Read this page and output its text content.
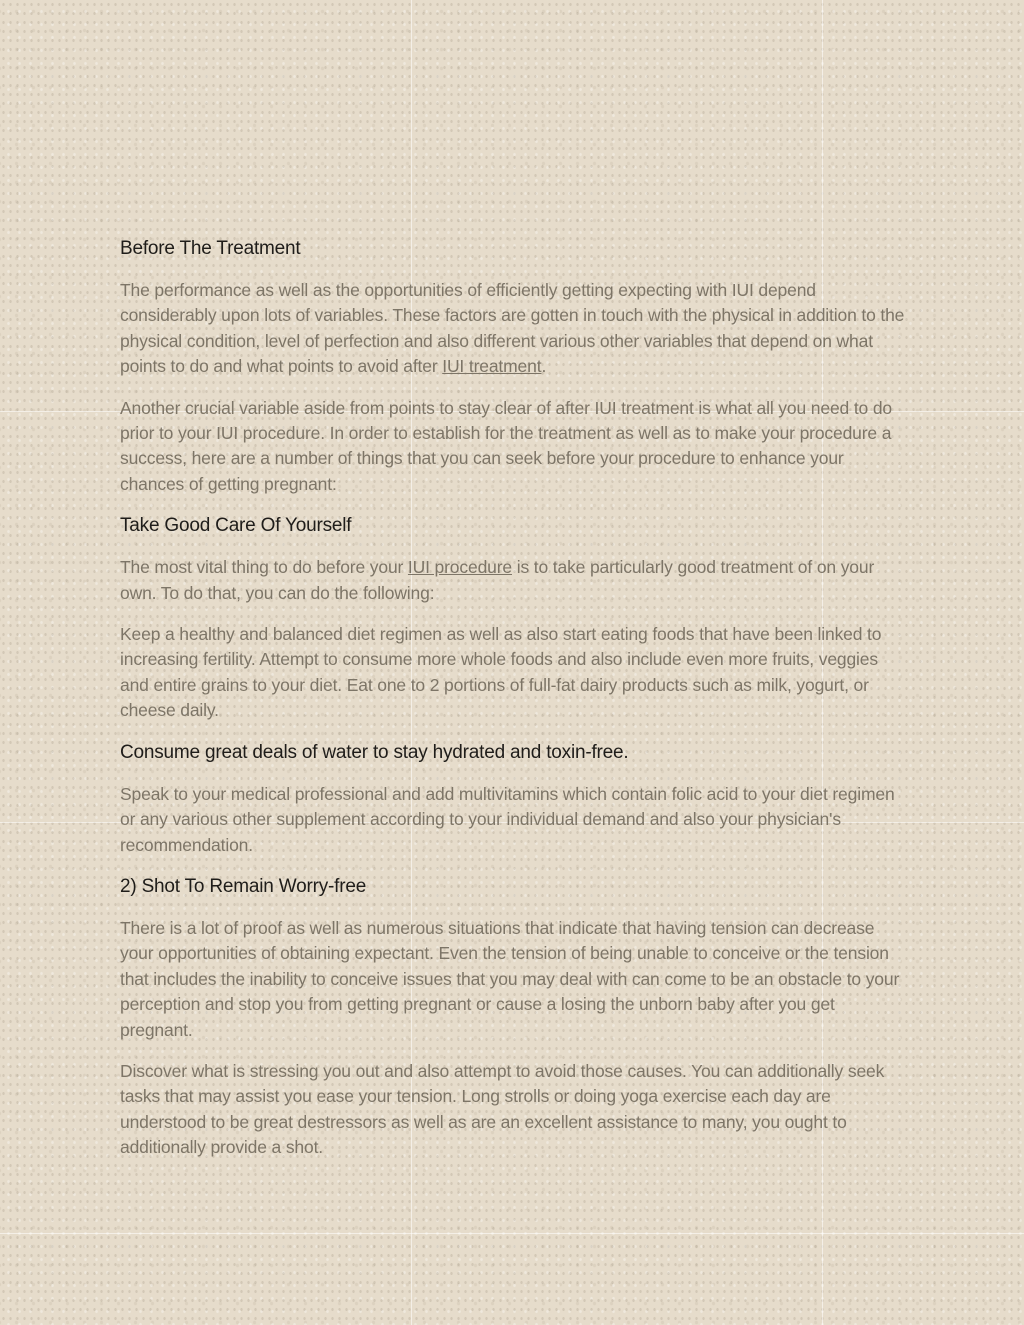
Before The Treatment

The performance as well as the opportunities of efficiently getting expecting with IUI depend considerably upon lots of variables. These factors are gotten in touch with the physical in addition to the physical condition, level of perfection and also different various other variables that depend on what points to do and what points to avoid after IUI treatment.

Another crucial variable aside from points to stay clear of after IUI treatment is what all you need to do prior to your IUI procedure. In order to establish for the treatment as well as to make your procedure a success, here are a number of things that you can seek before your procedure to enhance your chances of getting pregnant:

Take Good Care Of Yourself

The most vital thing to do before your IUI procedure is to take particularly good treatment of on your own. To do that, you can do the following:

Keep a healthy and balanced diet regimen as well as also start eating foods that have been linked to increasing fertility. Attempt to consume more whole foods and also include even more fruits, veggies and entire grains to your diet. Eat one to 2 portions of full-fat dairy products such as milk, yogurt, or cheese daily.

Consume great deals of water to stay hydrated and toxin-free.

Speak to your medical professional and add multivitamins which contain folic acid to your diet regimen or any various other supplement according to your individual demand and also your physician's recommendation.

2) Shot To Remain Worry-free

There is a lot of proof as well as numerous situations that indicate that having tension can decrease your opportunities of obtaining expectant. Even the tension of being unable to conceive or the tension that includes the inability to conceive issues that you may deal with can come to be an obstacle to your perception and stop you from getting pregnant or cause a losing the unborn baby after you get pregnant.

Discover what is stressing you out and also attempt to avoid those causes. You can additionally seek tasks that may assist you ease your tension. Long strolls or doing yoga exercise each day are understood to be great destressors as well as are an excellent assistance to many, you ought to additionally provide a shot.
